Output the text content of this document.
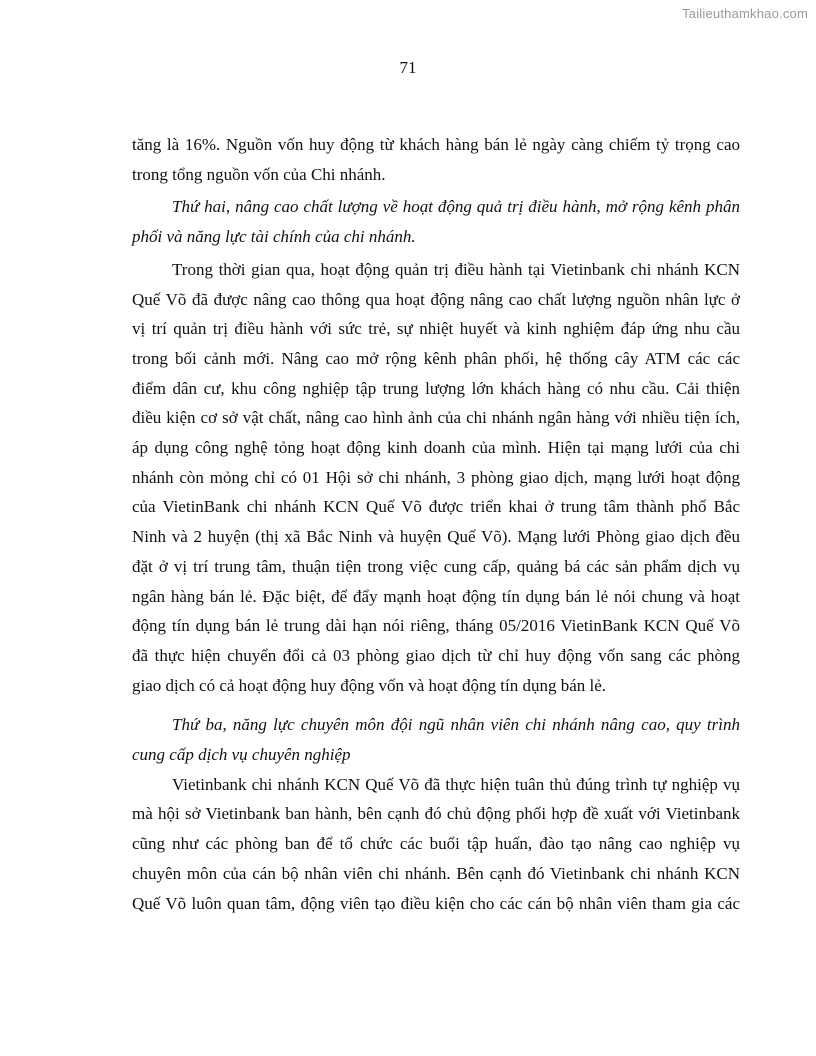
Tailieuthamkhao.com
71

tăng là 16%. Nguồn vốn huy động từ khách hàng bán lẻ ngày càng chiếm tỷ trọng cao
trong tổng nguồn vốn của Chi nhánh.

Thứ hai, nâng cao chất lượng về hoạt động quả trị điều hành, mở rộng kênh phân
phối và năng lực tài chính của chi nhánh.

Trong thời gian qua, hoạt động quản trị điều hành tại Vietinbank chi nhánh KCN
Quế Võ đã được nâng cao thông qua hoạt động nâng cao chất lượng nguồn nhân lực ở
vị trí quản trị điều hành với sức trẻ, sự nhiệt huyết và kinh nghiệm đáp ứng nhu cầu
trong bối cảnh mới. Nâng cao mở rộng kênh phân phối, hệ thống cây ATM các các
điểm dân cư, khu công nghiệp tập trung lượng lớn khách hàng có nhu cầu. Cải thiện
điều kiện cơ sở vật chất, nâng cao hình ảnh của chi nhánh ngân hàng với nhiều tiện ích,
áp dụng công nghệ tỏng hoạt động kinh doanh của mình. Hiện tại mạng lưới của chi
nhánh còn mỏng chỉ có 01 Hội sở chi nhánh, 3 phòng giao dịch, mạng lưới hoạt động
của VietinBank chi nhánh KCN Quế Võ được triển khai ở trung tâm thành phố Bắc
Ninh và 2 huyện (thị xã Bắc Ninh và huyện Quế Võ). Mạng lưới Phòng giao dịch đều
đặt ở vị trí trung tâm, thuận tiện trong việc cung cấp, quảng bá các sản phẩm dịch vụ
ngân hàng bán lẻ. Đặc biệt, để đẩy mạnh hoạt động tín dụng bán lẻ nói chung và hoạt
động tín dụng bán lẻ trung dài hạn nói riêng, tháng 05/2016 VietinBank KCN Quế Võ
đã thực hiện chuyển đổi cả 03 phòng giao dịch từ chỉ huy động vốn sang các phòng
giao dịch có cả hoạt động huy động vốn và hoạt động tín dụng bán lẻ.

Thứ ba, năng lực chuyên môn đội ngũ nhân viên chi nhánh nâng cao, quy trình
cung cấp dịch vụ chuyên nghiệp

Vietinbank chi nhánh KCN Quế Võ đã thực hiện tuân thủ đúng trình tự nghiệp vụ
mà hội sở Vietinbank ban hành, bên cạnh đó chủ động phối hợp đề xuất với Vietinbank
cũng như các phòng ban để tổ chức các buổi tập huấn, đào tạo nâng cao nghiệp vụ
chuyên môn của cán bộ nhân viên chi nhánh. Bên cạnh đó Vietinbank chi nhánh KCN
Quế Võ luôn quan tâm, động viên tạo điều kiện cho các cán bộ nhân viên tham gia các
